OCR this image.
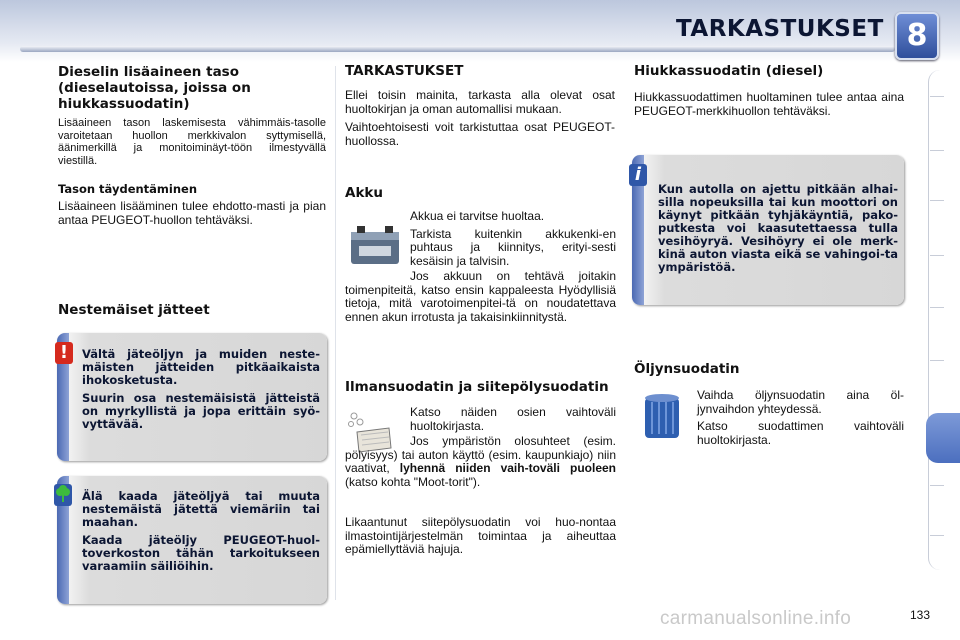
TARKASTUKSET 8

Dieselin lisäaineen taso (dieselautoissa, joissa on hiukkassuodatin)

Lisäaineen tason laskemisesta vähimmäis-tasolle varoitetaan huollon merkkivalon syttymisellä, äänimerkillä ja monitoiminäyt-töön ilmestyvällä viestillä.

Tason täydentäminen

Lisäaineen lisääminen tulee ehdotto-masti ja pian antaa PEUGEOT-huollon tehtäväksi.

Nestemäiset jätteet

Vältä jäteöljyn ja muiden neste-mäisten jätteiden pitkäaikaista ihokosketusta.

Suurin osa nestemäisistä jätteistä on myrkyllistä ja jopa erittäin syö-vyttävää.

!

Älä kaada jäteöljyä tai muuta nestemäistä jätettä viemäriin tai maahan.

Kaada jäteöljy PEUGEOT-huol-toverkoston tähän tarkoitukseen varaamiin säiliöihin.

TARKASTUKSET

Ellei toisin mainita, tarkasta alla olevat osat huoltokirjan ja oman automallisi mukaan.

Vaihtoehtoisesti voit tarkistuttaa osat PEUGEOT-huollossa.

Akku

Akkua ei tarvitse huoltaa.

Tarkista kuitenkin akkukenki-en puhtaus ja kiinnitys, erityi-sesti kesäisin ja talvisin.

Jos akkuun on tehtävä joitakin toimenpiteitä, katso ensin kappaleesta Hyödyllisiä tietoja, mitä varotoimenpitei-tä on noudatettava ennen akun irrotusta ja takaisinkiinnitystä.

Ilmansuodatin ja siitepölysuodatin

Katso näiden osien vaihtoväli huoltokirjasta.

Jos ympäristön olosuhteet (esim. pölyisyys) tai auton käyttö (esim. kaupunkiajo) niin vaativat, lyhennä niiden vaih-toväli puoleen (katso kohta "Moot-torit").

Likaantunut siitepölysuodatin voi huo-nontaa ilmastointijärjestelmän toimintaa ja aiheuttaa epämiellyttäviä hajuja.

Hiukkassuodatin (diesel)

Hiukkassuodattimen huoltaminen tulee antaa aina PEUGEOT-merkkihuollon tehtäväksi.

Kun autolla on ajettu pitkään alhai-silla nopeuksilla tai kun moottori on käynyt pitkään tyhjäkäyntiä, pako-putkesta voi kaasutettaessa tulla vesihöyryä. Vesihöyry ei ole merk-kinä auton viasta eikä se vahingoi-ta ympäristöä.
i

Öljynsuodatin

Vaihda öljynsuodatin aina öl-jynvaihdon yhteydessä.

Katso suodattimen vaihtoväli huoltokirjasta.

carmanualsonline.info	133
